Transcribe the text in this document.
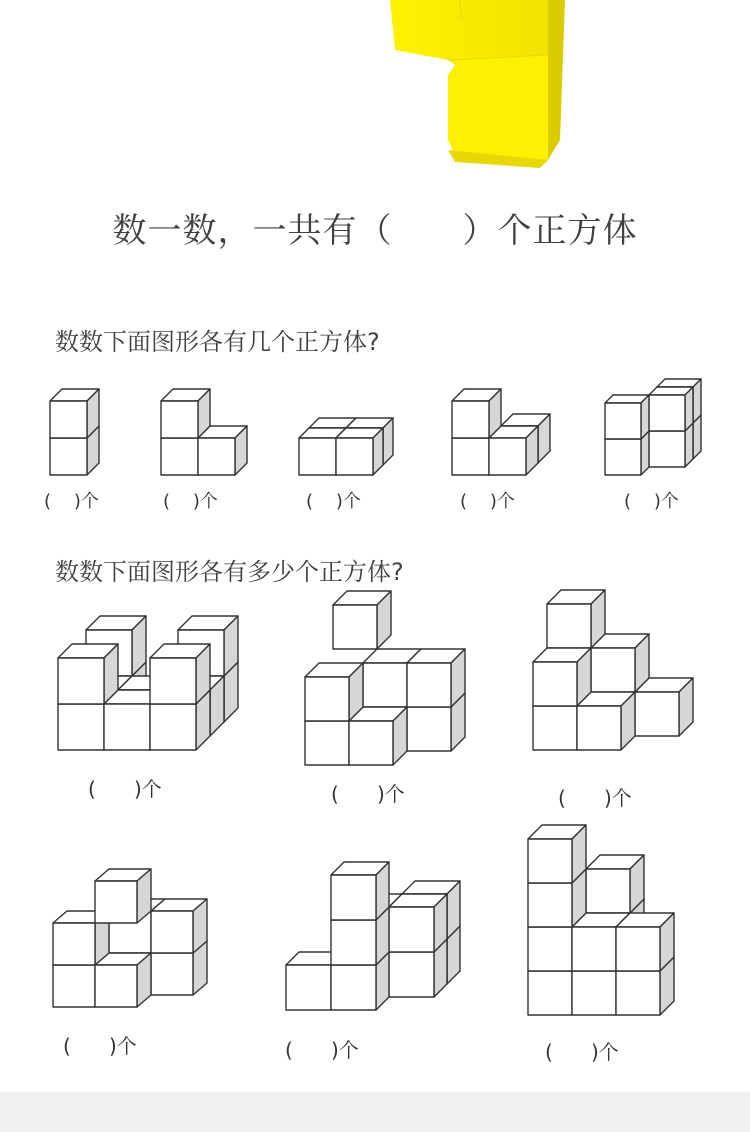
数一数，一共有（　　）个正方体
数数下面图形各有几个正方体?
数数下面图形各有多少个正方体?
(    )个	(    )个	(    )个	(    )个	(    )个
(      )个	(      )个	(      )个
(      )个	(      )个	(      )个
